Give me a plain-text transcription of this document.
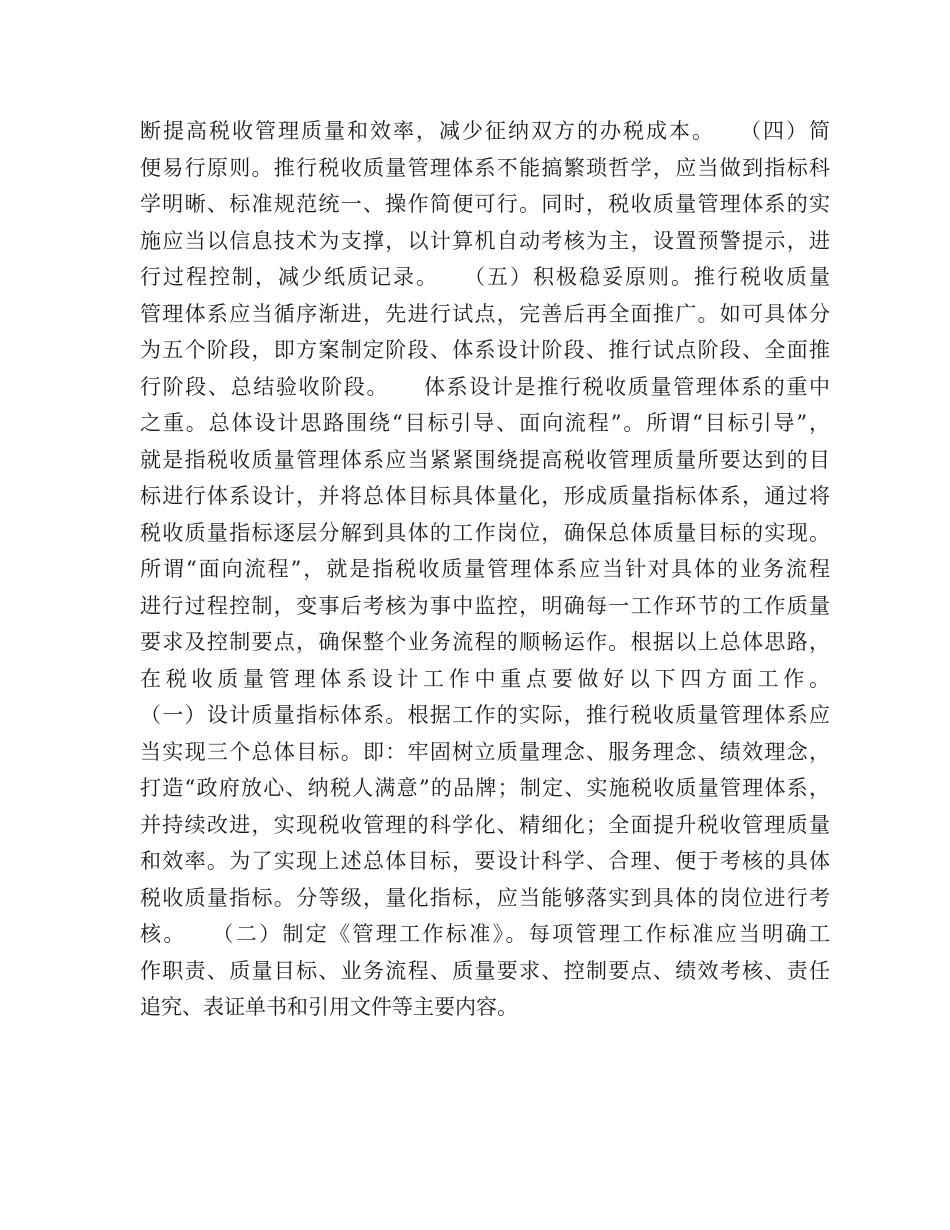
断提高税收管理质量和效率，减少征纳双方的办税成本。　　（四）简
便易行原则。推行税收质量管理体系不能搞繁琐哲学，应当做到指标科
学明晰、标准规范统一、操作简便可行。同时，税收质量管理体系的实
施应当以信息技术为支撑，以计算机自动考核为主，设置预警提示，进
行过程控制，减少纸质记录。　　（五）积极稳妥原则。推行税收质量
管理体系应当循序渐进，先进行试点，完善后再全面推广。如可具体分
为五个阶段，即方案制定阶段、体系设计阶段、推行试点阶段、全面推
行阶段、总结验收阶段。　　体系设计是推行税收质量管理体系的重中
之重。总体设计思路围绕“目标引导、面向流程”。所谓“目标引导”，
就是指税收质量管理体系应当紧紧围绕提高税收管理质量所要达到的目
标进行体系设计，并将总体目标具体量化，形成质量指标体系，通过将
税收质量指标逐层分解到具体的工作岗位，确保总体质量目标的实现。
所谓“面向流程”，就是指税收质量管理体系应当针对具体的业务流程
进行过程控制，变事后考核为事中监控，明确每一工作环节的工作质量
要求及控制要点，确保整个业务流程的顺畅运作。根据以上总体思路，
在税收质量管理体系设计工作中重点要做好以下四方面工作。
（一）设计质量指标体系。根据工作的实际，推行税收质量管理体系应
当实现三个总体目标。即：牢固树立质量理念、服务理念、绩效理念，
打造“政府放心、纳税人满意”的品牌；制定、实施税收质量管理体系，
并持续改进，实现税收管理的科学化、精细化；全面提升税收管理质量
和效率。为了实现上述总体目标，要设计科学、合理、便于考核的具体
税收质量指标。分等级，量化指标，应当能够落实到具体的岗位进行考
核。　　（二）制定《管理工作标准》。每项管理工作标准应当明确工
作职责、质量目标、业务流程、质量要求、控制要点、绩效考核、责任
追究、表证单书和引用文件等主要内容。
